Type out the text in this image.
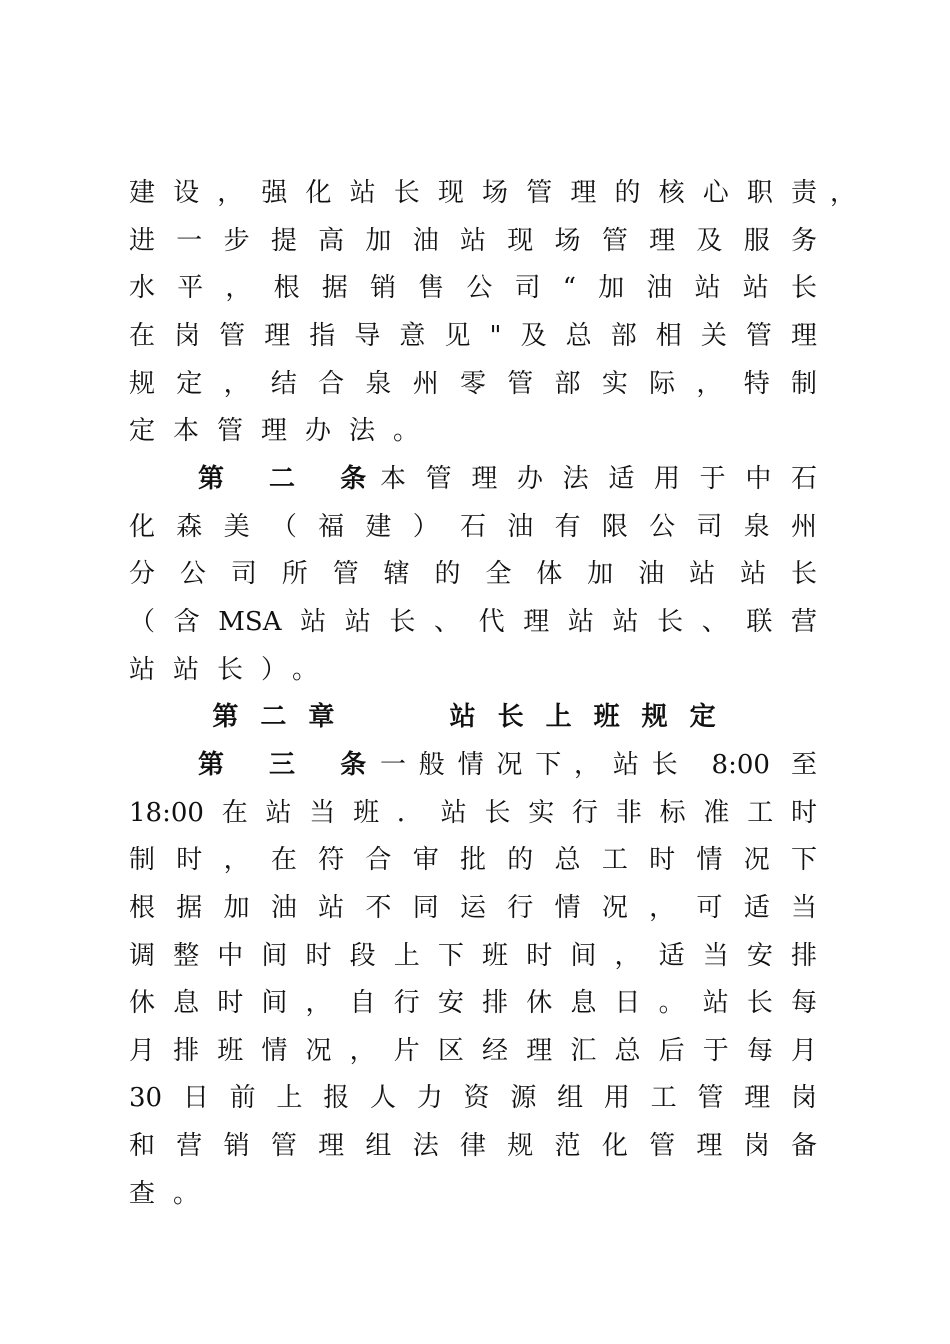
建设，强化站长现场管理的核心职责 ，
进一步提高加油站现场管理及服务
水平，根据销售公司“加油站站长
在岗管理指导意见"及总部相关管理
规定，结合泉州零管部实际，特制
定本管理办法。
第 二 条
本管理办法适用于中石
化森美（福建）石油有限公司泉州
分公司所管辖的全体加油站站长
（含MSA站站长、代理站站长、联营
站站长）。
第二章   站长上班规定
第 三 条
一般情况下，站长 8:00 至
18:00在站当班．站长实行非标准工时
制时，在符合审批的总工时情况下
根据加油站不同运行情况，可适当
调整中间时段上下班时间，适当安排
休息时间，自行安排休息日。站长每
月排班情况，片区经理汇总后于每月
30日前上报人力资源组用工管理岗
和营销管理组法律规范化管理岗备
查。
